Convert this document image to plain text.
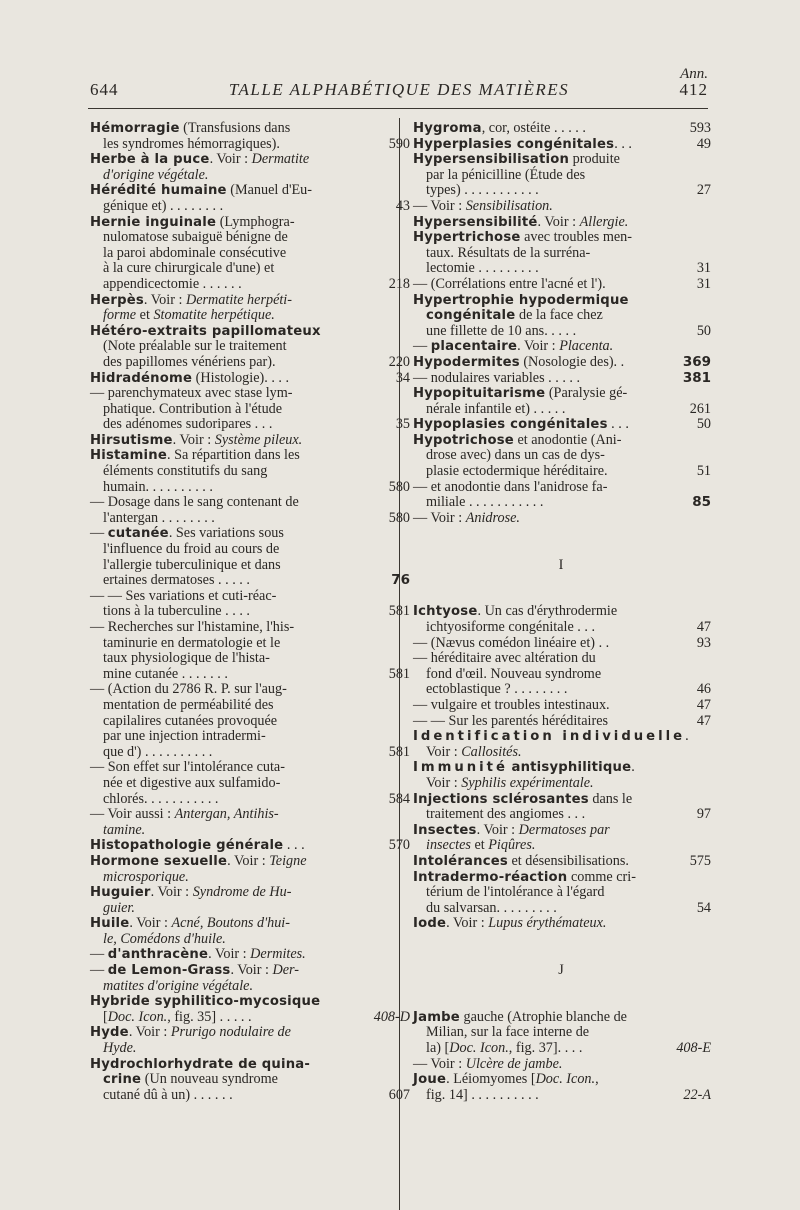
Ann.
644	TALLE ALPHABÉTIQUE DES MATIÈRES	412
Hémorragie (Transfusions dans
les syndromes hémorragiques).	590
Herbe à la puce. Voir : Dermatite
d'origine végétale.
Hérédité humaine (Manuel d'Eu-
génique et) . . . . . . . .	43
Hernie inguinale (Lymphogra-
nulomatose subaiguë bénigne de
la paroi abdominale consécutive
à la cure chirurgicale d'une) et
appendicectomie . . . . . .	218
Herpès. Voir : Dermatite herpéti-
forme et Stomatite herpétique.
Hétéro-extraits papillomateux
(Note préalable sur le traitement
des papillomes vénériens par).	220
Hidradénome (Histologie). . . .	34
— parenchymateux avec stase lym-
phatique. Contribution à l'étude
des adénomes sudoripares . . .	35
Hirsutisme. Voir : Système pileux.
Histamine. Sa répartition dans les
éléments constitutifs du sang
humain. . . . . . . . . .	580
— Dosage dans le sang contenant de
l'antergan . . . . . . . .	580
— cutanée. Ses variations sous
l'influence du froid au cours de
l'allergie tuberculinique et dans
ertaines dermatoses . . . . .	76
— — Ses variations et cuti-réac-
tions à la tuberculine . . . .	581
— Recherches sur l'histamine, l'his-
taminurie en dermatologie et le
taux physiologique de l'hista-
mine cutanée . . . . . . .	581
— (Action du 2786 R. P. sur l'aug-
mentation de perméabilité des
capilalires cutanées provoquée
par une injection intradermi-
que d') . . . . . . . . . .	581
— Son effet sur l'intolérance cuta-
née et digestive aux sulfamido-
chlorés. . . . . . . . . . .	584
— Voir aussi : Antergan, Antihis-
tamine.
Histopathologie générale . . .	570
Hormone sexuelle. Voir : Teigne
microsporique.
Huguier. Voir : Syndrome de Hu-
guier.
Huile. Voir : Acné, Boutons d'hui-
le, Comédons d'huile.
— d'anthracène. Voir : Dermites.
— de Lemon-Grass. Voir : Der-
matites d'origine végétale.
Hybride syphilitico-mycosique
[Doc. Icon., fig. 35] . . . . .	408-D
Hyde. Voir : Prurigo nodulaire de
Hyde.
Hydrochlorhydrate de quina-
crine (Un nouveau syndrome
cutané dû à un) . . . . . .	607
Hygroma, cor, ostéite . . . . .	593
Hyperplasies congénitales. . .	49
Hypersensibilisation produite
par la pénicilline (Étude des
types) . . . . . . . . . . .	27
— Voir : Sensibilisation.
Hypersensibilité. Voir : Allergie.
Hypertrichose avec troubles men-
taux. Résultats de la surréna-
lectomie . . . . . . . . .	31
— (Corrélations entre l'acné et l').	31
Hypertrophie hypodermique
congénitale de la face chez
une fillette de 10 ans. . . . .	50
— placentaire. Voir : Placenta.
Hypodermites (Nosologie des). .	369
— nodulaires variables . . . . .	381
Hypopituitarisme (Paralysie gé-
nérale infantile et) . . . . .	261
Hypoplasies congénitales . . .	50
Hypotrichose et anodontie (Ani-
drose avec) dans un cas de dys-
plasie ectodermique héréditaire.	51
— et anodontie dans l'anidrose fa-
miliale . . . . . . . . . . .	85
— Voir : Anidrose.
I
Ichtyose. Un cas d'érythrodermie
ichtyosiforme congénitale . . .	47
— (Nævus comédon linéaire et) . .	93
— héréditaire avec altération du
fond d'œil. Nouveau syndrome
ectoblastique ? . . . . . . . .	46
— vulgaire et troubles intestinaux.	47
— — Sur les parentés héréditaires	47
Identification individuelle.
Voir : Callosités.
Immunité antisyphilitique.
Voir : Syphilis expérimentale.
Injections sclérosantes dans le
traitement des angiomes . . .	97
Insectes. Voir : Dermatoses par
insectes et Piqûres.
Intolérances et désensibilisations.	575
Intradermo-réaction comme cri-
térium de l'intolérance à l'égard
du salvarsan. . . . . . . . .	54
Iode. Voir : Lupus érythémateux.
J
Jambe gauche (Atrophie blanche de
Milian, sur la face interne de
la) [Doc. Icon., fig. 37]. . . .	408-E
— Voir : Ulcère de jambe.
Joue. Léiomyomes [Doc. Icon.,
fig. 14] . . . . . . . . . .	22-A
